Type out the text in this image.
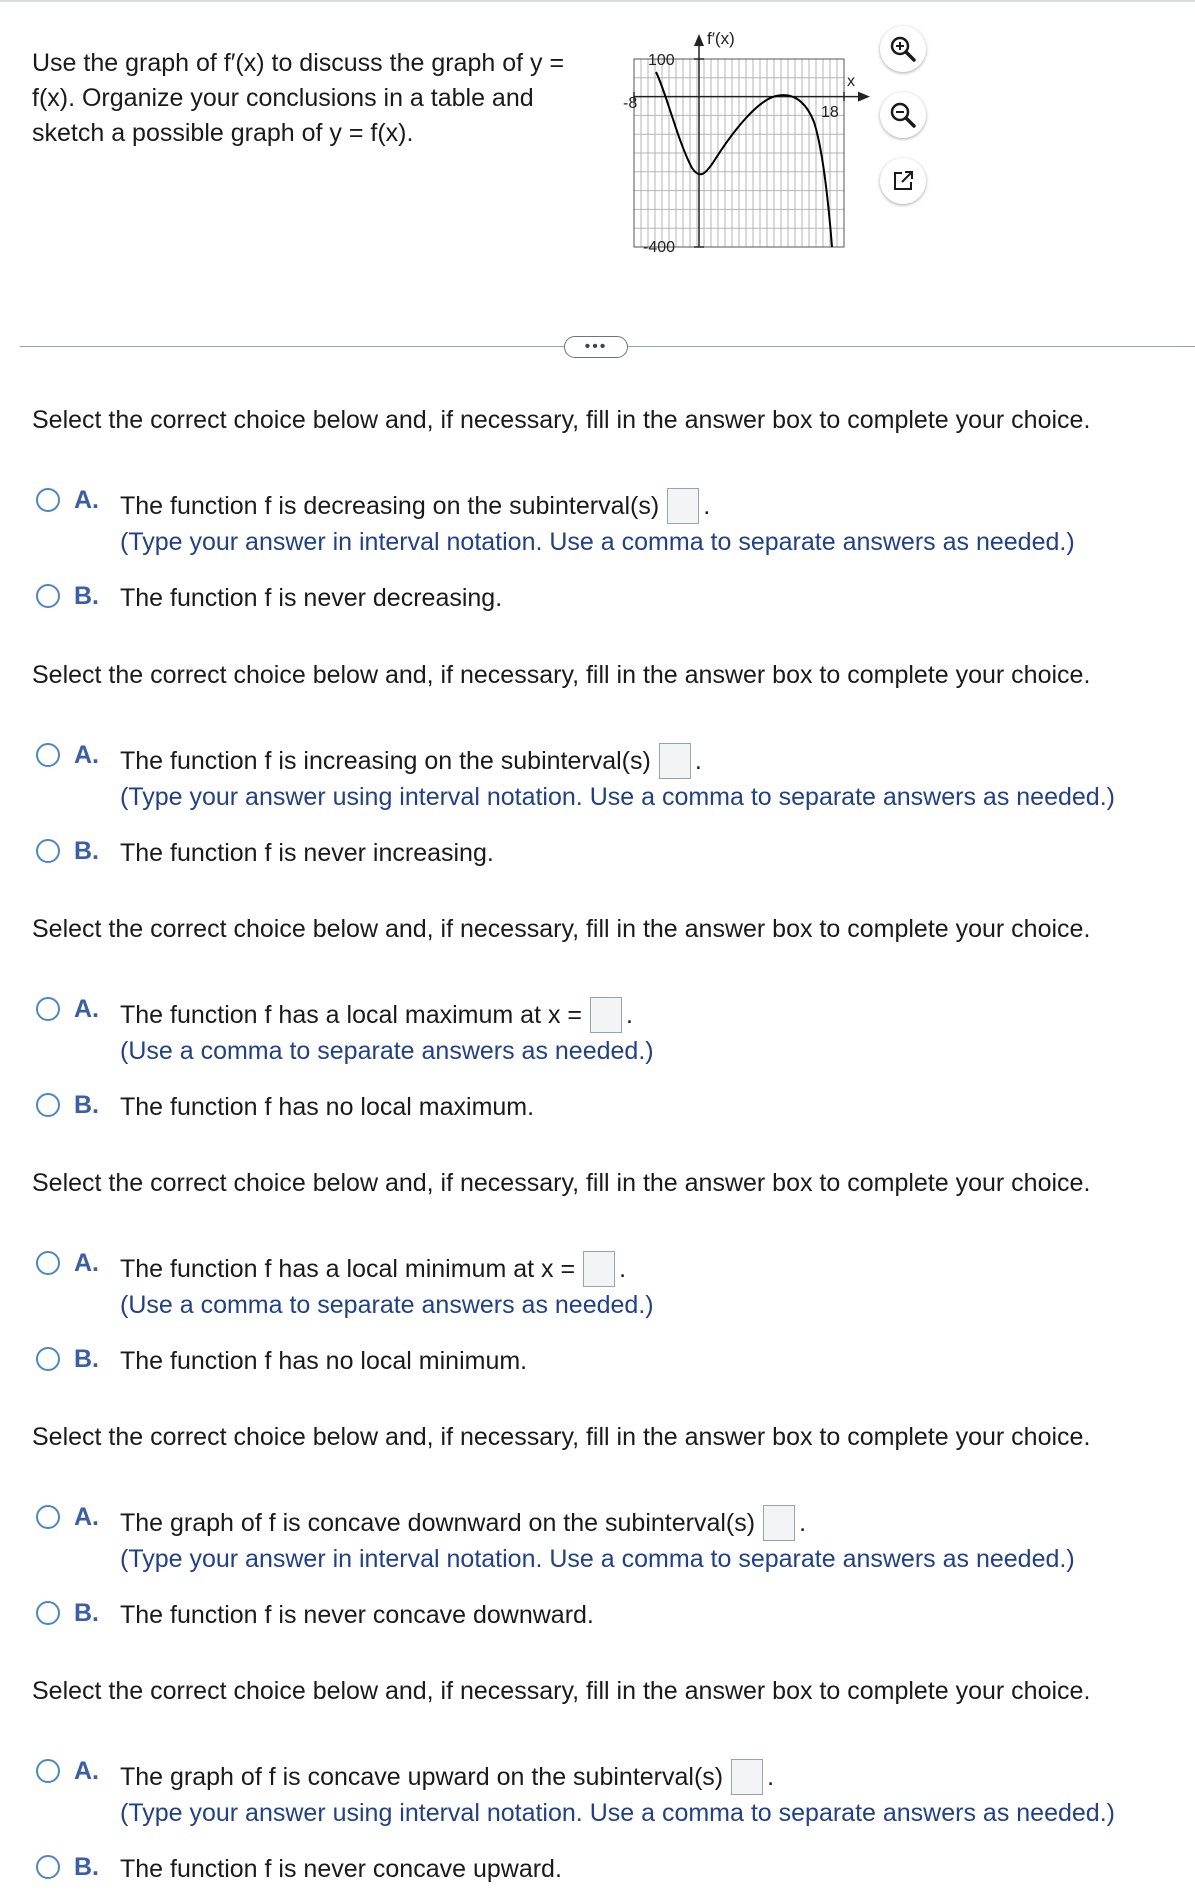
Use the graph of f′(x) to discuss the graph of y = f(x). Organize your conclusions in a table and sketch a possible graph of y = f(x).
f′(x)
x
100
-400
-8
18
•••
Select the correct choice below and, if necessary, fill in the answer box to complete your choice.
A. The function f is decreasing on the subinterval(s) .
(Type your answer in interval notation. Use a comma to separate answers as needed.)
B. The function f is never decreasing.
Select the correct choice below and, if necessary, fill in the answer box to complete your choice.
A. The function f is increasing on the subinterval(s) .
(Type your answer using interval notation. Use a comma to separate answers as needed.)
B. The function f is never increasing.
Select the correct choice below and, if necessary, fill in the answer box to complete your choice.
A. The function f has a local maximum at x = .
(Use a comma to separate answers as needed.)
B. The function f has no local maximum.
Select the correct choice below and, if necessary, fill in the answer box to complete your choice.
A. The function f has a local minimum at x = .
(Use a comma to separate answers as needed.)
B. The function f has no local minimum.
Select the correct choice below and, if necessary, fill in the answer box to complete your choice.
A. The graph of f is concave downward on the subinterval(s) .
(Type your answer in interval notation. Use a comma to separate answers as needed.)
B. The function f is never concave downward.
Select the correct choice below and, if necessary, fill in the answer box to complete your choice.
A. The graph of f is concave upward on the subinterval(s) .
(Type your answer using interval notation. Use a comma to separate answers as needed.)
B. The function f is never concave upward.
